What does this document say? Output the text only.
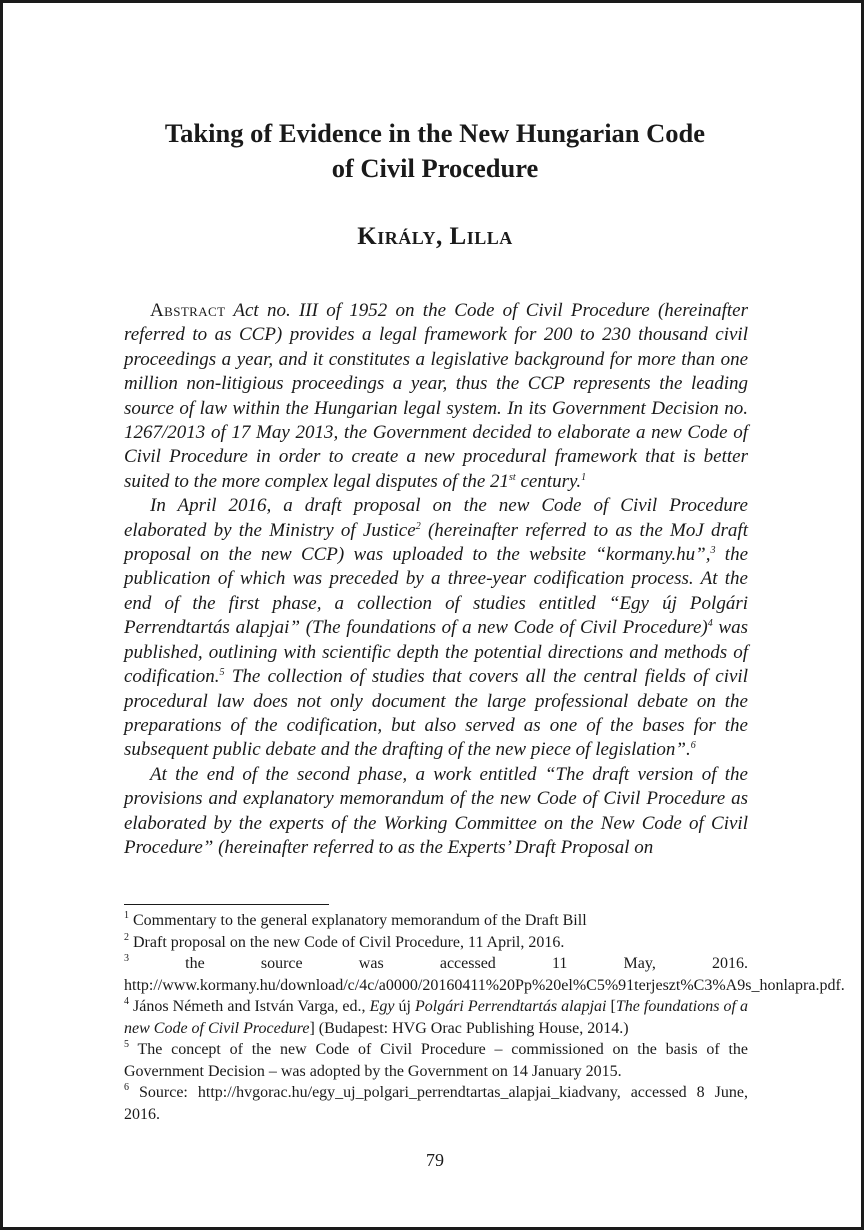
Taking of Evidence in the New Hungarian Code
of Civil Procedure
Király, Lilla

Abstract Act no. III of 1952 on the Code of Civil Procedure (hereinafter referred to as CCP) provides a legal framework for 200 to 230 thousand civil proceedings a year, and it constitutes a legislative background for more than one million non-litigious proceedings a year, thus the CCP represents the leading source of law within the Hungarian legal system. In its Government Decision no. 1267/2013 of 17 May 2013, the Government decided to elaborate a new Code of Civil Procedure in order to create a new procedural framework that is better suited to the more complex legal disputes of the 21st century.$^1$

In April 2016, a draft proposal on the new Code of Civil Procedure elaborated by the Ministry of Justice$^2$ (hereinafter referred to as the MoJ draft proposal on the new CCP) was uploaded to the website “kormany.hu”,$^3$ the publication of which was preceded by a three-year codification process. At the end of the first phase, a collection of studies entitled “Egy új Polgári Perrendtartás alapjai” (The foundations of a new Code of Civil Procedure)$^4$ was published, outlining with scientific depth the potential directions and methods of codification.$^5$ The collection of studies that covers all the central fields of civil procedural law does not only document the large professional debate on the preparations of the codification, but also served as one of the bases for the subsequent public debate and the drafting of the new piece of legislation”.$^6$

At the end of the second phase, a work entitled “The draft version of the provisions and explanatory memorandum of the new Code of Civil Procedure as elaborated by the experts of the Working Committee on the New Code of Civil Procedure” (hereinafter referred to as the Experts’ Draft Proposal on

$^1$ Commentary to the general explanatory memorandum of the Draft Bill

$^2$ Draft proposal on the new Code of Civil Procedure, 11 April, 2016.

$^3$ the source was accessed 11 May, 2016. http://www.kormany.hu/download/c/4c/a0000/20160411%20Pp%20el%C5%91terjeszt%C3%A9s_honlapra.pdf.

$^4$ János Németh and István Varga, ed., Egy új Polgári Perrendtartás alapjai [The foundations of a new Code of Civil Procedure] (Budapest: HVG Orac Publishing House, 2014.)

$^5$ The concept of the new Code of Civil Procedure – commissioned on the basis of the Government Decision – was adopted by the Government on 14 January 2015.

$^6$ Source: http://hvgorac.hu/egy_uj_polgari_perrendtartas_alapjai_kiadvany, accessed 8 June, 2016.

79
